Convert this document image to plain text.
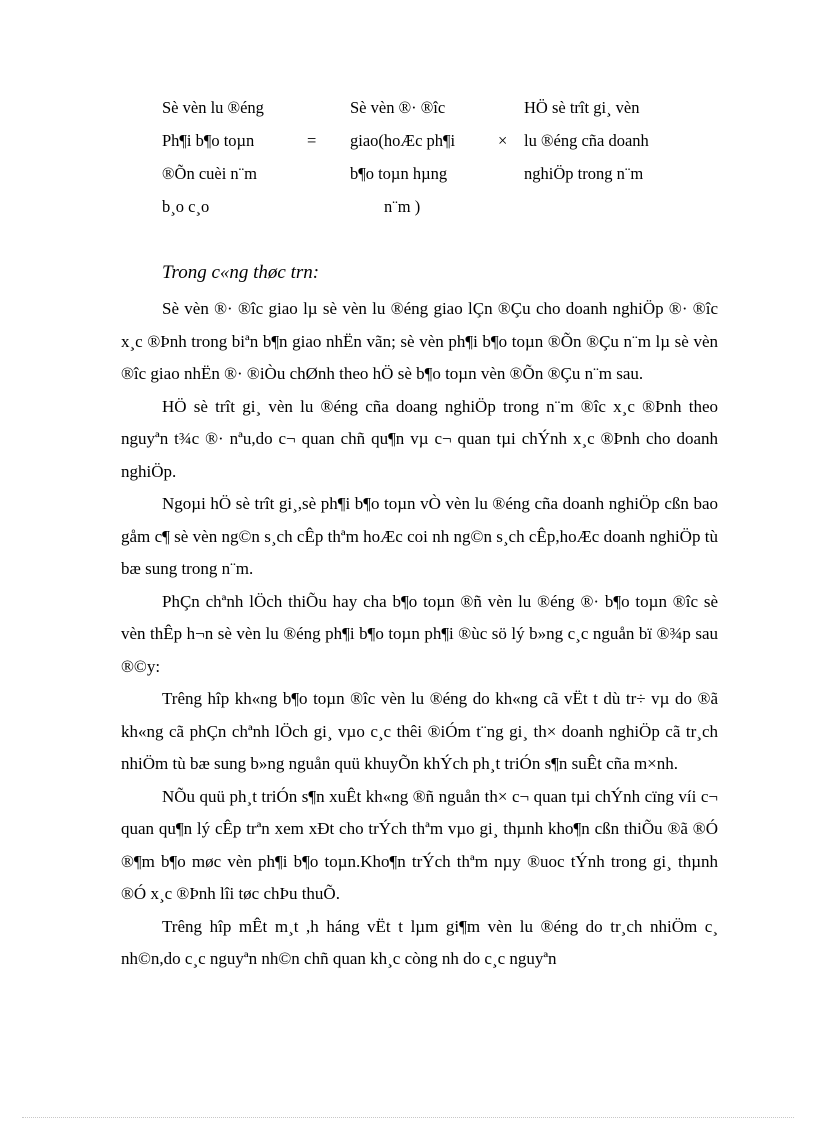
Sè vèn lu ®éng	Sè vèn ®· ®îc	HÖ sè trît gi¸ vèn
Ph¶i b¶o toµn	= giao(hoÆc ph¶i	× lu ®éng cña doanh
®Õn cuèi n¨m	b¶o toµn hµng	nghiÖp trong n¨m
b¸o c¸o	n¨m )
Trong c«ng thøc trn:

Sè vèn ®· ®îc giao lµ sè vèn lu ®éng giao lÇn ®Çu cho doanh nghiÖp ®· ®îc x¸c ®Þnh trong biªn b¶n giao nhËn vãn; sè vèn ph¶i b¶o toµn ®Õn ®Çu n¨m lµ sè vèn ®îc giao nhËn ®· ®iÒu chØnh theo hÖ sè b¶o toµn vèn ®Õn ®Çu n¨m sau.

HÖ sè trît gi¸ vèn lu ®éng cña doang nghiÖp trong n¨m ®îc x¸c ®Þnh theo nguyªn t¾c ®· nªu,do c¬ quan chñ qu¶n vµ c¬ quan tµi chÝnh x¸c ®Þnh cho doanh nghiÖp.

Ngoµi hÖ sè trît gi¸,sè ph¶i b¶o toµn vÒ vèn lu ®éng cña doanh nghiÖp cßn bao gåm c¶ sè vèn ng©n s¸ch cÊp thªm hoÆc coi nh ng©n s¸ch cÊp,hoÆc doanh nghiÖp tù bæ sung trong n¨m.

PhÇn chªnh lÖch thiÕu hay cha b¶o toµn ®ñ vèn lu ®éng ®· b¶o toµn ®îc sè vèn thÊp h¬n sè vèn lu ®éng ph¶i b¶o toµn ph¶i ®ùc sö lý b»ng c¸c nguån bï ®¾p sau ®©y:

Trêng hîp kh«ng b¶o toµn ®îc vèn lu ®éng do kh«ng cã vËt t dù tr÷ vµ do ®ã kh«ng cã phÇn chªnh lÖch gi¸ vµo c¸c thêi ®iÓm t¨ng gi¸ th× doanh nghiÖp cã tr¸ch nhiÖm tù bæ sung b»ng nguån quü khuyÕn khÝch ph¸t triÓn s¶n suÊt cña m×nh.

NÕu quü ph¸t triÓn s¶n xuÊt kh«ng ®ñ nguån th× c¬ quan tµi chÝnh cïng víi c¬ quan qu¶n lý cÊp trªn xem xÐt cho trÝch thªm vµo gi¸ thµnh kho¶n cßn thiÕu ®ã ®Ó ®¶m b¶o møc vèn ph¶i b¶o toµn.Kho¶n trÝch thªm nµy ®uoc tÝnh trong gi¸ thµnh ®Ó x¸c ®Þnh lîi tøc chÞu thuÕ.

Trêng hîp mÊt m¸t ,h háng vËt t lµm gi¶m vèn lu ®éng do tr¸ch nhiÖm c¸ nh©n,do c¸c nguyªn nh©n chñ quan kh¸c còng nh do c¸c nguyªn
